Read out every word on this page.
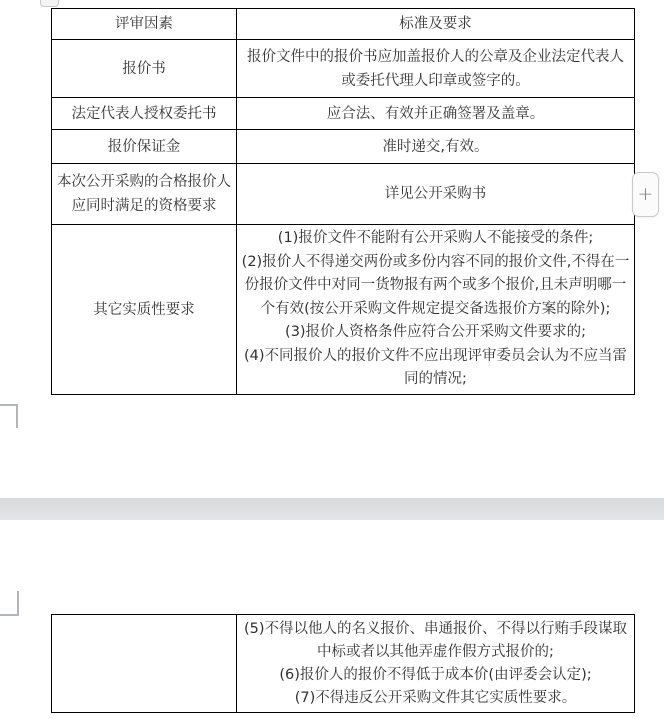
评审因素	标准及要求
报价书	报价文件中的报价书应加盖报价人的公章及企业法定代表人或委托代理人印章或签字的。
法定代表人授权委托书	应合法、有效并正确签署及盖章。
报价保证金	准时递交,有效。
本次公开采购的合格报价人应同时满足的资格要求	详见公开采购书
其它实质性要求	(1)报价文件不能附有公开采购人不能接受的条件;

(2)报价人不得递交两份或多份内容不同的报价文件,不得在一份报价文件中对同一货物报有两个或多个报价,且未声明哪一个有效(按公开采购文件规定提交备选报价方案的除外);

(3)报价人资格条件应符合公开采购文件要求的;

(4)不同报价人的报价文件不应出现评审委员会认为不应当雷同的情况;

(5)不得以他人的名义报价、串通报价、不得以行贿手段谋取中标或者以其他弄虚作假方式报价的;

(6)报价人的报价不得低于成本价(由评委会认定);

(7)不得违反公开采购文件其它实质性要求。

+
